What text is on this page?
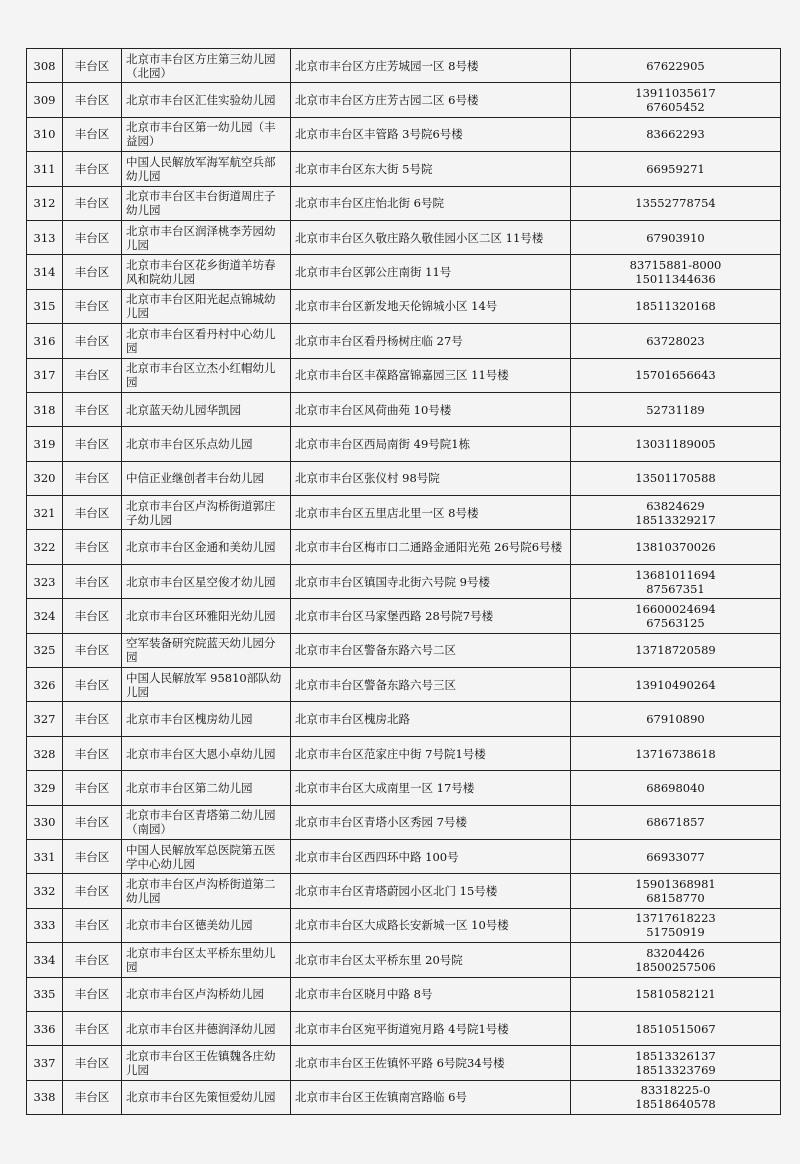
308	丰台区	北京市丰台区方庄第三幼儿园（北园）	北京市丰台区方庄芳城园一区 8号楼	67622905

309	丰台区	北京市丰台区汇佳实验幼儿园	北京市丰台区方庄芳古园二区 6号楼	13911035617
67605452

310	丰台区	北京市丰台区第一幼儿园（丰益园）	北京市丰台区丰管路 3号院6号楼	83662293

311	丰台区	中国人民解放军海军航空兵部幼儿园	北京市丰台区东大街 5号院	66959271

312	丰台区	北京市丰台区丰台街道周庄子幼儿园	北京市丰台区庄怡北街 6号院	13552778754

313	丰台区	北京市丰台区润泽桃李芳园幼儿园	北京市丰台区久敬庄路久敬佳园小区二区 11号楼	67903910

314	丰台区	北京市丰台区花乡街道羊坊春风和院幼儿园	北京市丰台区郭公庄南街 11号	83715881-8000
15011344636

315	丰台区	北京市丰台区阳光起点锦城幼儿园	北京市丰台区新发地天伦锦城小区 14号	18511320168

316	丰台区	北京市丰台区看丹村中心幼儿园	北京市丰台区看丹杨树庄临 27号	63728023

317	丰台区	北京市丰台区立杰小红帽幼儿园	北京市丰台区丰葆路富锦嘉园三区 11号楼	15701656643

318	丰台区	北京蓝天幼儿园华凯园	北京市丰台区风荷曲苑 10号楼	52731189

319	丰台区	北京市丰台区乐点幼儿园	北京市丰台区西局南街 49号院1栋	13031189005

320	丰台区	中信正业继创者丰台幼儿园	北京市丰台区张仪村 98号院	13501170588

321	丰台区	北京市丰台区卢沟桥街道郭庄子幼儿园	北京市丰台区五里店北里一区 8号楼	63824629
18513329217

322	丰台区	北京市丰台区金通和美幼儿园	北京市丰台区梅市口二通路金通阳光苑 26号院6号楼	13810370026

323	丰台区	北京市丰台区星空俊才幼儿园	北京市丰台区镇国寺北街六号院 9号楼	13681011694
87567351

324	丰台区	北京市丰台区环雅阳光幼儿园	北京市丰台区马家堡西路 28号院7号楼	16600024694
67563125

325	丰台区	空军装备研究院蓝天幼儿园分园	北京市丰台区警备东路六号二区	13718720589

326	丰台区	中国人民解放军 95810部队幼儿园	北京市丰台区警备东路六号三区	13910490264

327	丰台区	北京市丰台区槐房幼儿园	北京市丰台区槐房北路	67910890

328	丰台区	北京市丰台区大恩小卓幼儿园	北京市丰台区范家庄中街 7号院1号楼	13716738618

329	丰台区	北京市丰台区第二幼儿园	北京市丰台区大成南里一区 17号楼	68698040

330	丰台区	北京市丰台区青塔第二幼儿园（南园）	北京市丰台区青塔小区秀园 7号楼	68671857

331	丰台区	中国人民解放军总医院第五医学中心幼儿园	北京市丰台区西四环中路 100号	66933077

332	丰台区	北京市丰台区卢沟桥街道第二幼儿园	北京市丰台区青塔蔚园小区北门 15号楼	15901368981
68158770

333	丰台区	北京市丰台区德美幼儿园	北京市丰台区大成路长安新城一区 10号楼	13717618223
51750919

334	丰台区	北京市丰台区太平桥东里幼儿园	北京市丰台区太平桥东里 20号院	83204426
18500257506

335	丰台区	北京市丰台区卢沟桥幼儿园	北京市丰台区晓月中路 8号	15810582121

336	丰台区	北京市丰台区井德润泽幼儿园	北京市丰台区宛平街道宛月路 4号院1号楼	18510515067

337	丰台区	北京市丰台区王佐镇魏各庄幼儿园	北京市丰台区王佐镇怀平路 6号院34号楼	18513326137
18513323769

338	丰台区	北京市丰台区先策恒爱幼儿园	北京市丰台区王佐镇南宫路临 6号	83318225-0
18518640578
